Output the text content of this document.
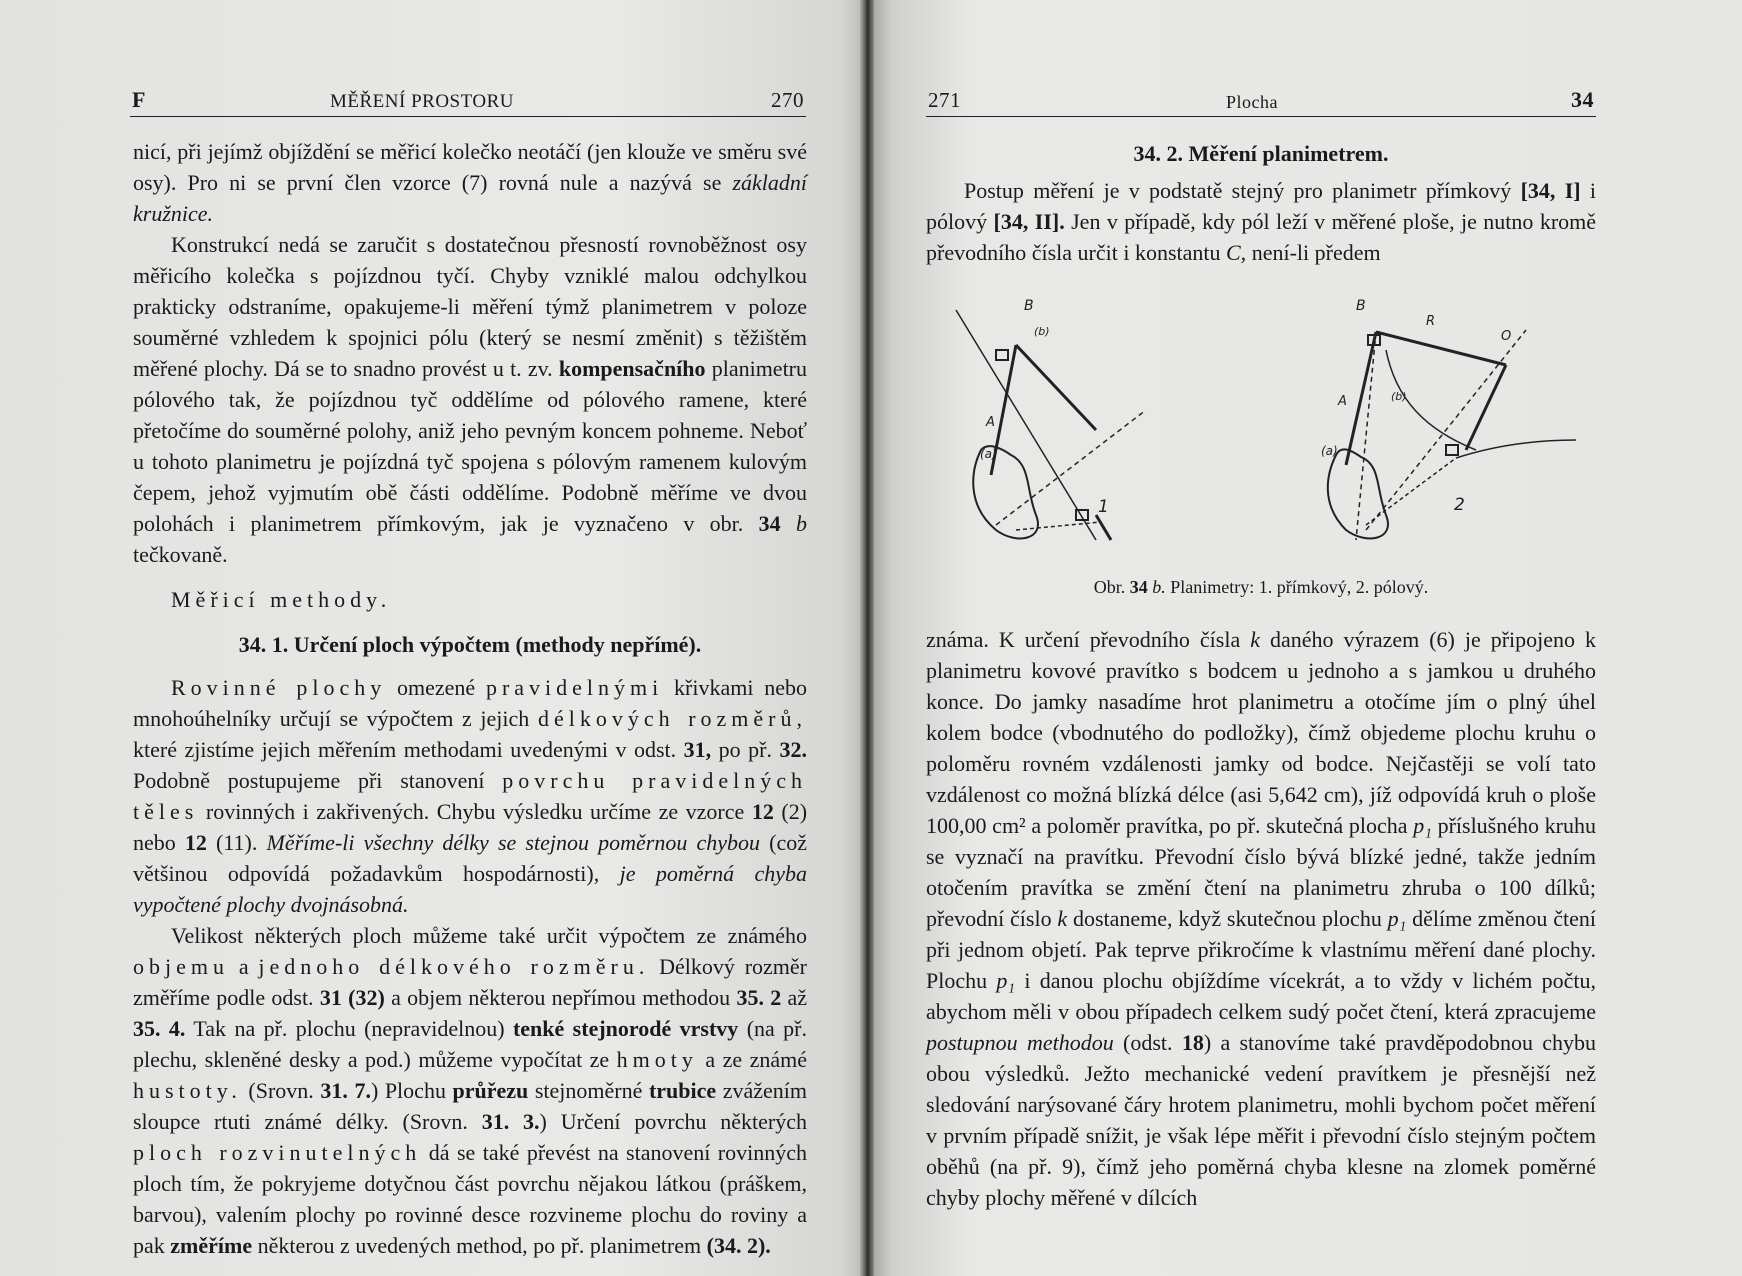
F	MĚŘENÍ PROSTORU	270

nicí, při jejímž objíždění se měřicí kolečko neotáčí (jen klouže ve směru své osy). Pro ni se první člen vzorce (7) rovná nule a nazývá se základní kružnice.

Konstrukcí nedá se zaručit s dostatečnou přesností rovnoběžnost osy měřicího kolečka s pojízdnou tyčí. Chyby vzniklé malou odchylkou prakticky odstraníme, opakujeme-li měření týmž planimetrem v poloze souměrné vzhledem k spojnici pólu (který se nesmí změnit) s těžištěm měřené plochy. Dá se to snadno provést u t. zv. kompensačního planimetru pólového tak, že pojízdnou tyč oddělíme od pólového ramene, které přetočíme do souměrné polohy, aniž jeho pevným koncem pohneme. Neboť u tohoto planimetru je pojízdná tyč spojena s pólovým ramenem kulovým čepem, jehož vyjmutím obě části oddělíme. Podobně měříme ve dvou polohách i planimetrem přímkovým, jak je vyznačeno v obr. 34 b tečkovaně.

Měřicí methody.

34. 1. Určení ploch výpočtem (methody nepřímé).

Rovinné plochy omezené pravidelnými křivkami nebo mnohoúhelníky určují se výpočtem z jejich délkových rozměrů, které zjistíme jejich měřením methodami uvedenými v odst. 31, po př. 32. Podobně postupujeme při stanovení povrchu pravidelných těles rovinných i zakřivených. Chybu výsledku určíme ze vzorce 12 (2) nebo 12 (11). Měříme-li všechny délky se stejnou poměrnou chybou (což většinou odpovídá požadavkům hospodárnosti), je poměrná chyba vypočtené plochy dvojnásobná.

Velikost některých ploch můžeme také určit výpočtem ze známého objemu a jednoho délkového rozměru. Délkový rozměr změříme podle odst. 31 (32) a objem některou nepřímou methodou 35. 2 až 35. 4. Tak na př. plochu (nepravidelnou) tenké stejnorodé vrstvy (na př. plechu, skleněné desky a pod.) můžeme vypočítat ze hmoty a ze známé hustoty. (Srovn. 31. 7.) Plochu průřezu stejnoměrné trubice zvážením sloupce rtuti známé délky. (Srovn. 31. 3.) Určení povrchu některých ploch rozvinutelných dá se také převést na stanovení rovinných ploch tím, že pokryjeme dotyčnou část povrchu nějakou látkou (práškem, barvou), valením plochy po rovinné desce rozvineme plochu do roviny a pak změříme některou z uvedených method, po př. planimetrem (34. 2).

271	Plocha	34

34. 2. Měření planimetrem.

Postup měření je v podstatě stejný pro planimetr přímkový [34, I] i pólový [34, II]. Jen v případě, kdy pól leží v měřené ploše, je nutno kromě převodního čísla určit i konstantu C, není-li předem

B
(b)
A
(a)
1
B
R
O
(b)
A
(a)
2
Obr. 34 b. Planimetry: 1. přímkový, 2. pólový.

známa. K určení převodního čísla k daného výrazem (6) je připojeno k planimetru kovové pravítko s bodcem u jednoho a s jamkou u druhého konce. Do jamky nasadíme hrot planimetru a otočíme jím o plný úhel kolem bodce (vbodnutého do podložky), čímž objedeme plochu kruhu o poloměru rovném vzdálenosti jamky od bodce. Nejčastěji se volí tato vzdálenost co možná blízká délce (asi 5,642 cm), jíž odpovídá kruh o ploše 100,00 cm² a poloměr pravítka, po př. skutečná plocha p₁ příslušného kruhu se vyznačí na pravítku. Převodní číslo bývá blízké jedné, takže jedním otočením pravítka se změní čtení na planimetru zhruba o 100 dílků; převodní číslo k dostaneme, když skutečnou plochu p₁ dělíme změnou čtení při jednom objetí. Pak teprve přikročíme k vlastnímu měření dané plochy. Plochu p₁ i danou plochu objíždíme vícekrát, a to vždy v lichém počtu, abychom měli v obou případech celkem sudý počet čtení, která zpracujeme postupnou methodou (odst. 18) a stanovíme také pravděpodobnou chybu obou výsledků. Ježto mechanické vedení pravítkem je přesnější než sledování narýsované čáry hrotem planimetru, mohli bychom počet měření v prvním případě snížit, je však lépe měřit i převodní číslo stejným počtem oběhů (na př. 9), čímž jeho poměrná chyba klesne na zlomek poměrné chyby plochy měřené v dílcích
